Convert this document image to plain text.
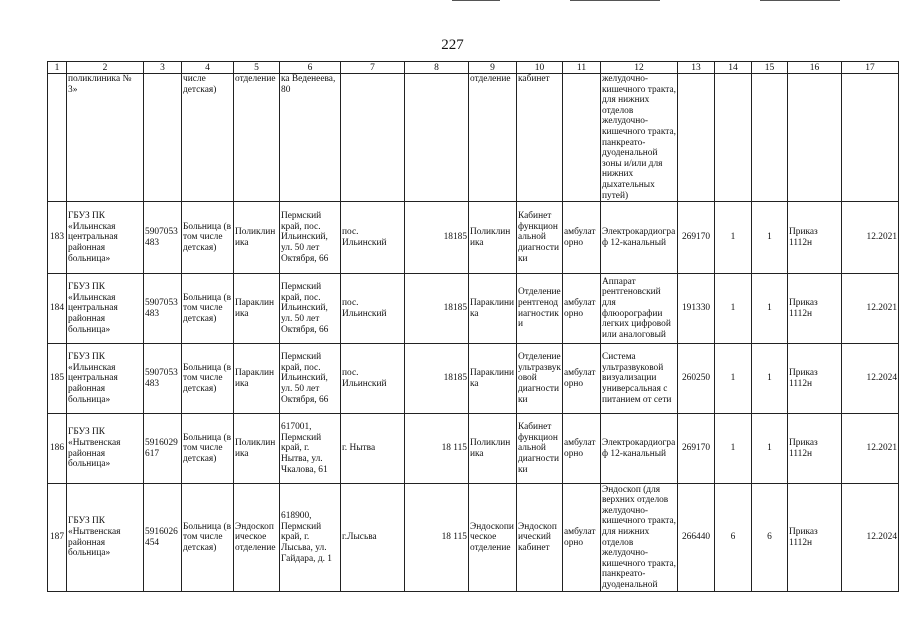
227
1	2	3	4	5	6	7	8	9	10	11	12	13	14	15	16	17
	поликлиника № 3»		числе детская)	отделение	ка Веденеева, 80			отделение	кабинет		желудочно-кишечного тракта, для нижних отделов желудочно-кишечного тракта, панкреато-дуоденальной зоны и/или для нижних дыхательных путей)					
183	ГБУЗ ПК «Ильинская центральная районная больница»	5907053483	Больница (в том числе детская)	Поликлиника	Пермский край, пос. Ильинский, ул. 50 лет Октября, 66	пос. Ильинский	18185	Поликлиника	Кабинет функциональной диагностики	амбулаторно	Электрокардиограф 12-канальный	269170	1	1	Приказ 1112н	12.2021
184	ГБУЗ ПК «Ильинская центральная районная больница»	5907053483	Больница (в том числе детская)	Параклиника	Пермский край, пос. Ильинский, ул. 50 лет Октября, 66	пос. Ильинский	18185	Параклиника	Отделение рентгенодиагностики	амбулаторно	Аппарат рентгеновский для флюорографии легких цифровой или аналоговый	191330	1	1	Приказ 1112н	12.2021
185	ГБУЗ ПК «Ильинская центральная районная больница»	5907053483	Больница (в том числе детская)	Параклиника	Пермский край, пос. Ильинский, ул. 50 лет Октября, 66	пос. Ильинский	18185	Параклиника	Отделение ультразвуковой диагностики	амбулаторно	Система ультразвуковой визуализации универсальная с питанием от сети	260250	1	1	Приказ 1112н	12.2024
186	ГБУЗ ПК «Нытвенская районная больница»	5916029617	Больница (в том числе детская)	Поликлиника	617001, Пермский край, г. Нытва, ул. Чкалова, 61	г. Нытва	18 115	Поликлиника	Кабинет функциональной диагностики	амбулаторно	Электрокардиограф 12-канальный	269170	1	1	Приказ 1112н	12.2021
187	ГБУЗ ПК «Нытвенская районная больница»	5916026454	Больница (в том числе детская)	Эндоскопическое отделение	618900, Пермский край, г. Лысьва, ул. Гайдара, д. 1	г.Лысьва	18 115	Эндоскопическое отделение	Эндоскопический кабинет	амбулаторно	Эндоскоп (для верхних отделов желудочно-кишечного тракта, для нижних отделов желудочно-кишечного тракта, панкреато-дуоденальной	266440	6	6	Приказ 1112н	12.2024
